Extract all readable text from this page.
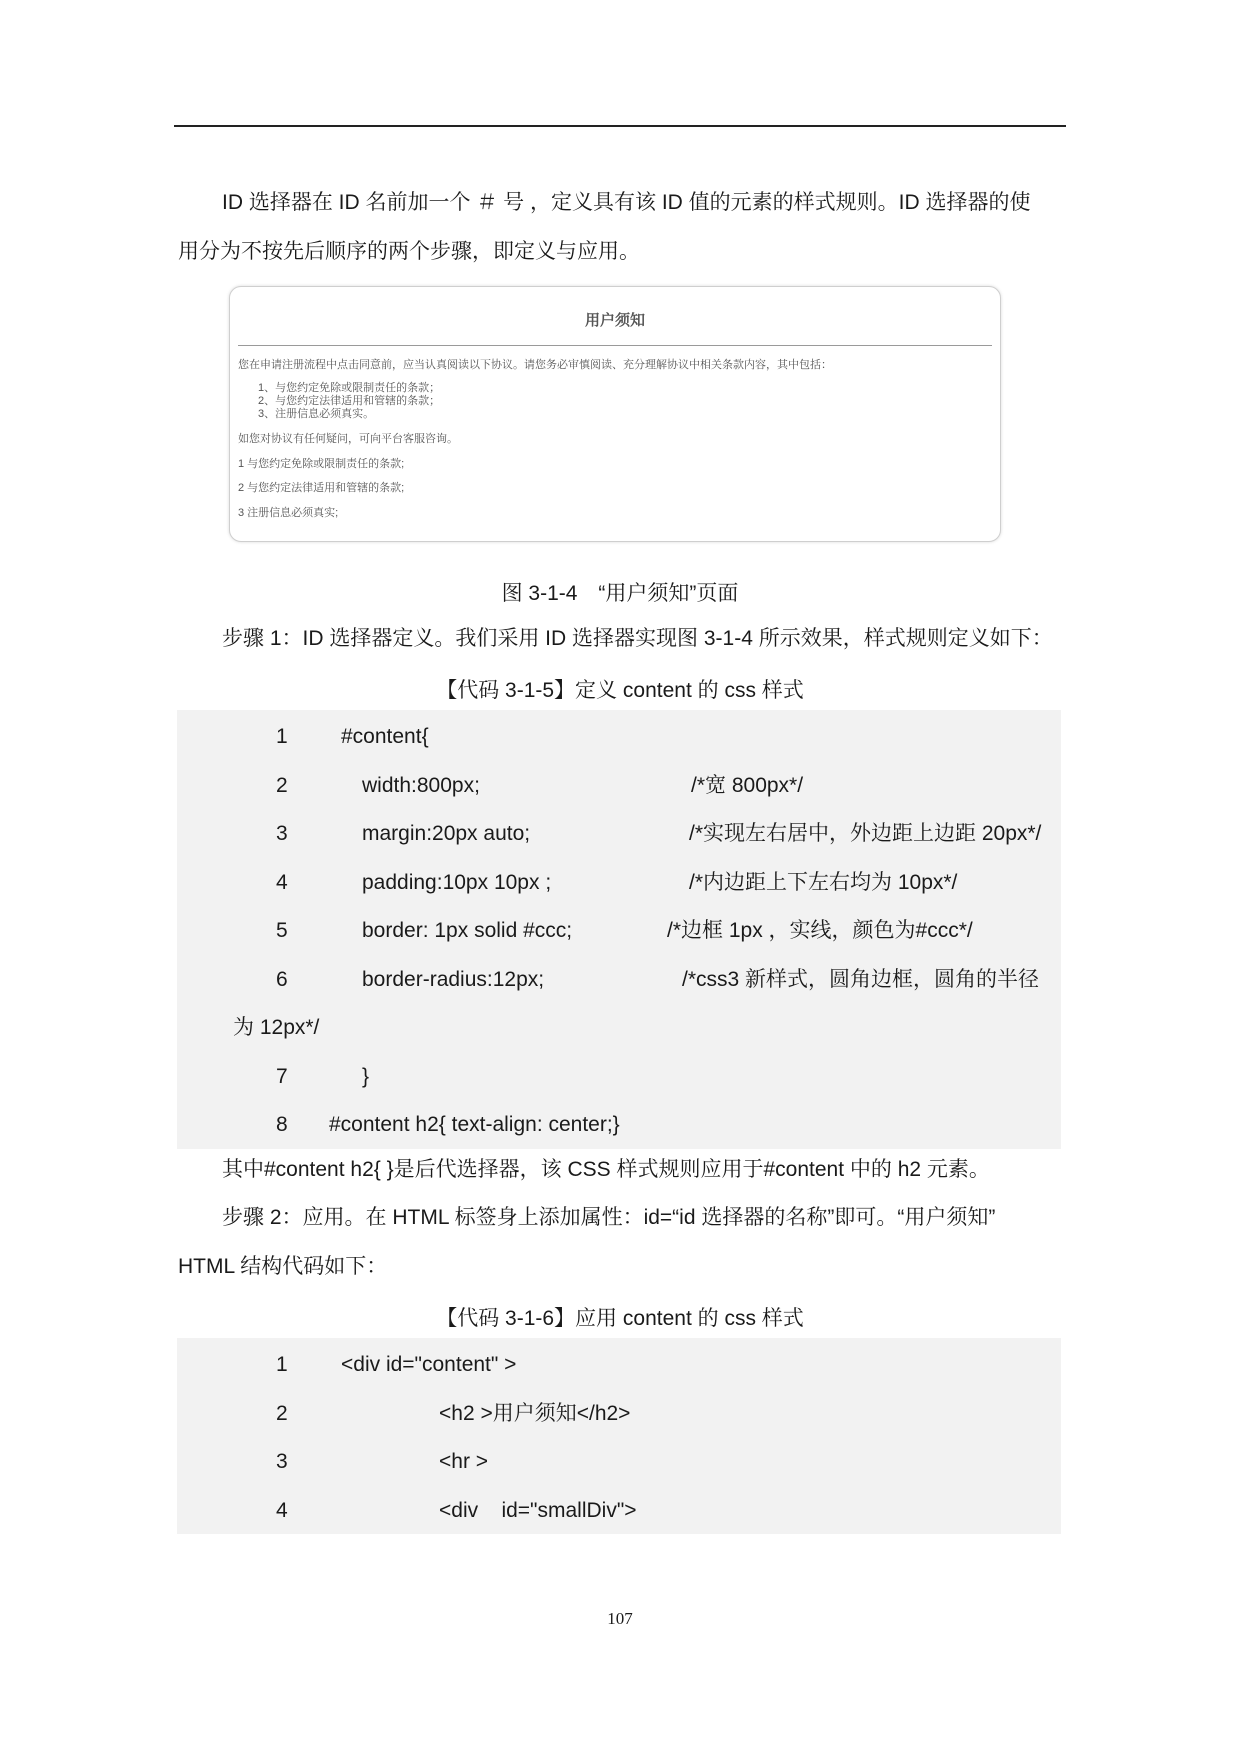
ID 选择器在 ID 名前加一个 ＃ 号 ，定义具有该 ID 值的元素的样式规则。ID 选择器的使
用分为不按先后顺序的两个步骤，即定义与应用。
用户须知
您在申请注册流程中点击同意前，应当认真阅读以下协议。请您务必审慎阅读、充分理解协议中相关条款内容，其中包括：
1、与您约定免除或限制责任的条款；
2、与您约定法律适用和管辖的条款；
3、注册信息必须真实。
如您对协议有任何疑问，可向平台客服咨询。
1 与您约定免除或限制责任的条款;
2 与您约定法律适用和管辖的条款;
3 注册信息必须真实;
图 3-1-4　“用户须知”页面
步骤 1：ID 选择器定义。我们采用 ID 选择器实现图 3-1-4 所示效果，样式规则定义如下：
【代码 3-1-5】定义 content 的 css 样式
1	#content{
2	width:800px;	/*宽 800px*/
3	margin:20px auto;	/*实现左右居中，外边距上边距 20px*/
4	padding:10px 10px ;	/*内边距上下左右均为 10px*/
5	border: 1px solid #ccc;	/*边框 1px ，实线，颜色为#ccc*/
6	border-radius:12px;	/*css3 新样式，圆角边框，圆角的半径
为 12px*/
7	}
8 #content h2{ text-align: center;}
其中#content h2{ }是后代选择器，该 CSS 样式规则应用于#content 中的 h2 元素。
步骤 2：应用。在 HTML 标签身上添加属性：id=“id 选择器的名称”即可。“用户须知”
HTML 结构代码如下：
【代码 3-1-6】应用 content 的 css 样式
1	<div id="content" >
2	<h2 >用户须知</h2>
3	<hr >
4	<div    id="smallDiv">
107
